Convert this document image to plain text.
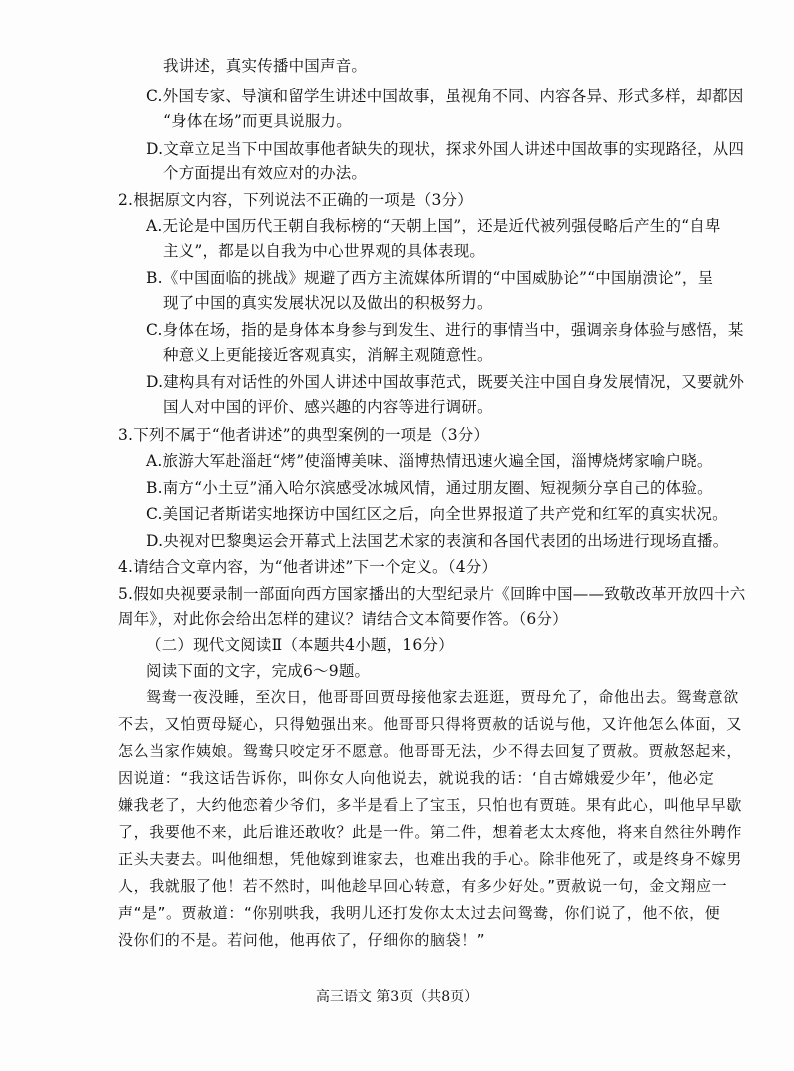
我讲述，真实传播中国声音。
C.外国专家、导演和留学生讲述中国故事，虽视角不同、内容各异、形式多样，却都因
“身体在场”而更具说服力。
D.文章立足当下中国故事他者缺失的现状，探求外国人讲述中国故事的实现路径，从四
个方面提出有效应对的办法。
2.根据原文内容，下列说法不正确的一项是（3分）
A.无论是中国历代王朝自我标榜的“天朝上国”，还是近代被列强侵略后产生的“自卑
主义”，都是以自我为中心世界观的具体表现。
B.《中国面临的挑战》规避了西方主流媒体所谓的“中国威胁论”“中国崩溃论”，呈
现了中国的真实发展状况以及做出的积极努力。
C.身体在场，指的是身体本身参与到发生、进行的事情当中，强调亲身体验与感悟，某
种意义上更能接近客观真实，消解主观随意性。
D.建构具有对话性的外国人讲述中国故事范式，既要关注中国自身发展情况，又要就外
国人对中国的评价、感兴趣的内容等进行调研。
3.下列不属于“他者讲述”的典型案例的一项是（3分）
A.旅游大军赴淄赶“烤”使淄博美味、淄博热情迅速火遍全国，淄博烧烤家喻户晓。
B.南方“小土豆”涌入哈尔滨感受冰城风情，通过朋友圈、短视频分享自己的体验。
C.美国记者斯诺实地探访中国红区之后，向全世界报道了共产党和红军的真实状况。
D.央视对巴黎奥运会开幕式上法国艺术家的表演和各国代表团的出场进行现场直播。
4.请结合文章内容，为“他者讲述”下一个定义。（4分）
5.假如央视要录制一部面向西方国家播出的大型纪录片《回眸中国——致敬改革开放四十六
周年》，对此你会给出怎样的建议？请结合文本简要作答。（6分）
（二）现代文阅读Ⅱ（本题共4小题，16分）
阅读下面的文字，完成6～9题。
鸳鸯一夜没睡，至次日，他哥哥回贾母接他家去逛逛，贾母允了，命他出去。鸳鸯意欲
不去，又怕贾母疑心，只得勉强出来。他哥哥只得将贾赦的话说与他，又许他怎么体面，又
怎么当家作姨娘。鸳鸯只咬定牙不愿意。他哥哥无法，少不得去回复了贾赦。贾赦怒起来，
因说道：“我这话告诉你，叫你女人向他说去，就说我的话：‘自古嫦娥爱少年’，他必定
嫌我老了，大约他恋着少爷们，多半是看上了宝玉，只怕也有贾琏。果有此心，叫他早早歇
了，我要他不来，此后谁还敢收？此是一件。第二件，想着老太太疼他，将来自然往外聘作
正头夫妻去。叫他细想，凭他嫁到谁家去，也难出我的手心。除非他死了，或是终身不嫁男
人，我就服了他！若不然时，叫他趁早回心转意，有多少好处。”贾赦说一句，金文翔应一
声“是”。贾赦道：“你别哄我，我明儿还打发你太太过去问鸳鸯，你们说了，他不依，便
没你们的不是。若问他，他再依了，仔细你的脑袋！”
高三语文 第3页（共8页）
